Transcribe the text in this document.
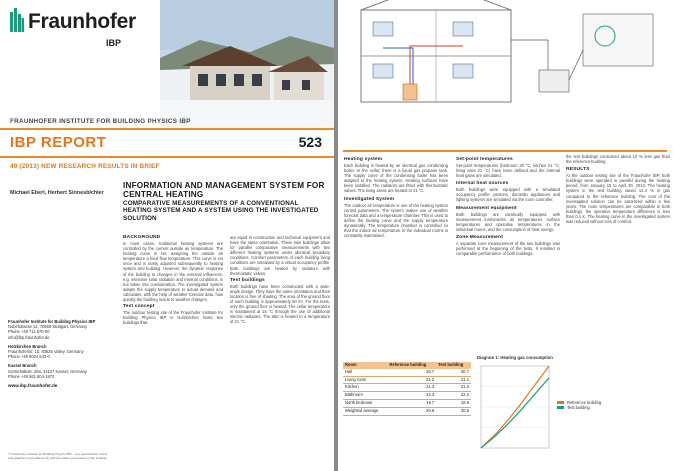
Fraunhofer
IBP
FRAUNHOFER INSTITUTE FOR BUILDING PHYSICS IBP
IBP REPORT	523
40 (2013) NEW RESEARCH RESULTS IN BRIEF
Michael Eberl, Herbert Sinnesbichler
INFORMATION AND MANAGEMENT SYSTEM FOR CENTRAL HEATING
COMPARATIVE MEASUREMENTS OF A CONVENTIONAL HEATING SYSTEM AND A SYSTEM USING THE INVESTIGATED SOLUTION
BACKGROUND
In most cases, traditional heating systems are controlled by the current outside air temperature. The heating curve is set, assigning the outside air temperature a feed flow temperature. This curve is set once and is rarely adjusted subsequently to heating system and building. However, the dynamic response of the building to changes in the external influences, e.g. intensive solar radiation and internal conditions, is not taken into consideration. The investigated system adapts the supply temperature to actual demand and calculates, with the help of weather forecast data, how quickly the building reacts to weather changes.
Test concept
The outdoor testing site of the Fraunhofer Institute for Building Physics IBP in Holzkirchen hosts two buildings that
are equal in construction and technical equipment and have the same orientation. These twin buildings allow for parallel comparative measurements with two different heating systems under identical boundary conditions. Comfort parameters of each building living conditions are simulated by a virtual occupancy profile. Both buildings are heated by radiators with thermostatic valves.
Test buildings
Both buildings have been constructed with a wide-angle design. They have the same orientation and their location is free of shading. The area of the ground floor of each building is approximately 50 m². For the tests, only the ground floor is heated. The cellar temperature is maintained at 16 °C through the use of additional electric radiators. The attic is heated to a temperature of 21 °C.
Fraunhofer Institute for Building Physics IBP
Nobelstrasse 12, 70569 Stuttgart, Germany
Phone +49 711 970-00
info@ibp.fraunhofer.de
Holzkirchen Branch
Fraunhoferstr. 10, 83626 Valley, Germany
Phone +49 8024 643-0
Kassel Branch
Gottschalkstr. 28a, 34127 Kassel, Germany
Phone +49 561 804-1870
www.ibp.fraunhofer.de
© Fraunhofer Institute for Building Physics IBP – any reproduction of text and graphics is permitted only with the written permission of the institute.
Heating system
Each building is heated by an identical gas condensing boiler. In the cellar, there is a liquid gas propane tank. The supply curve of the condensing boiler has been adapted to the heating system. Heating surfaces have been installed. The radiators are fitted with thermostatic valves. The living areas are heated to 21 °C.
Investigated System
The outdoor air temperature is one of the heating system control parameters. The system makes use of weather forecast data and a temperature chamber. This is used to define the heating curve and the supply temperature dynamically. The temperature chamber is controlled so that the indoor air temperature in the individual rooms is constantly maintained.
Set-point temperatures
Set-point temperatures (bedroom 20 °C, kitchen 21 °C, living area 21 °C) have been defined and the internal heat gains are simulated.
Internal heat sources
Both buildings were equipped with a simulated occupancy profile: persons, domestic appliances and lighting systems are simulated via the room controller.
Measurement equipment
Both buildings are identically equipped with measurement instruments: air temperatures, surface temperatures and operative temperatures in the individual rooms, and the consumption of heat energy.
Zone Measurement
A separate zone measurement of the two buildings was performed at the beginning of the tests. It resulted in comparable performance of both buildings.
the test buildings consumed about 10 % less gas than the reference building.
RESULTS
At the outdoor testing site of the Fraunhofer IBP, both buildings were operated in parallel during the heating period, from January 15 to April 30, 2013. The heating system in the test building saved 14.4 % in gas compared to the reference building. The cost of the investigated solution can be amortized within a few years. The room temperatures are comparable in both buildings; the operative temperature difference is less than 0.1 K. The heating curve in the investigated system was reduced without loss of comfort.
Room	Reference building	Test building
Hall	20.7	20.7
Living room	21.2	21.1
Kitchen	21.3	21.2
Bathroom	22.3	22.2
North bedroom	19.7	19.6
Weighted average	20.6	20.5
Diagram 1: Heating gas consumption
Reference building
Test building
